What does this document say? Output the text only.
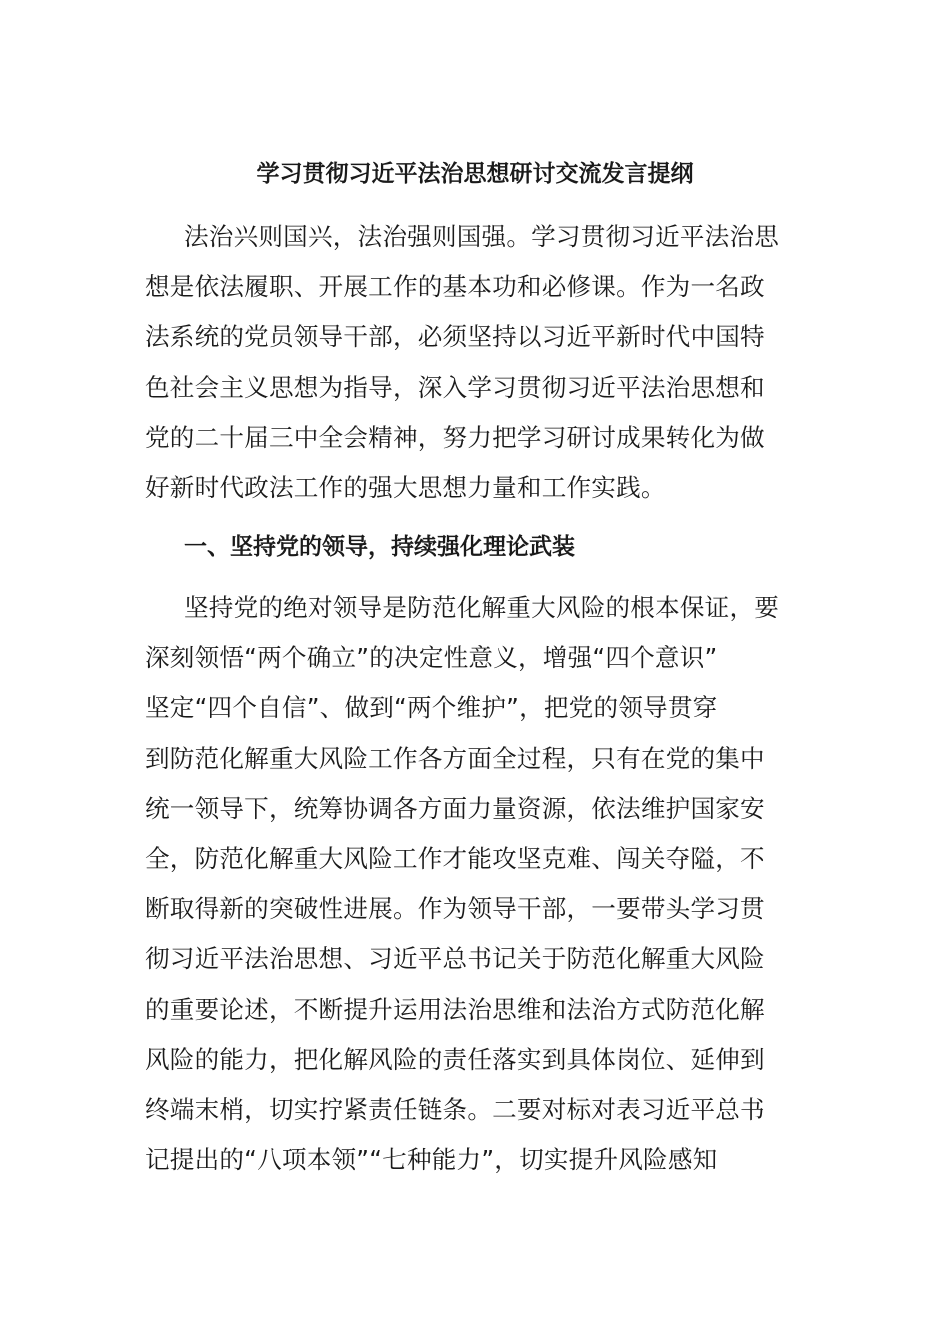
学习贯彻习近平法治思想研讨交流发言提纲

法治兴则国兴，法治强则国强。学习贯彻习近平法治思
想是依法履职、开展工作的基本功和必修课。作为一名政
法系统的党员领导干部，必须坚持以习近平新时代中国特
色社会主义思想为指导，深入学习贯彻习近平法治思想和
党的二十届三中全会精神，努力把学习研讨成果转化为做
好新时代政法工作的强大思想力量和工作实践。

一、坚持党的领导，持续强化理论武装

坚持党的绝对领导是防范化解重大风险的根本保证，要
深刻领悟“两个确立”的决定性意义，增强“四个意识”
坚定“四个自信”、做到“两个维护”，把党的领导贯穿
到防范化解重大风险工作各方面全过程，只有在党的集中
统一领导下，统筹协调各方面力量资源，依法维护国家安
全，防范化解重大风险工作才能攻坚克难、闯关夺隘，不
断取得新的突破性进展。作为领导干部，一要带头学习贯
彻习近平法治思想、习近平总书记关于防范化解重大风险
的重要论述，不断提升运用法治思维和法治方式防范化解
风险的能力，把化解风险的责任落实到具体岗位、延伸到
终端末梢，切实拧紧责任链条。二要对标对表习近平总书
记提出的“八项本领”“七种能力”，切实提升风险感知
